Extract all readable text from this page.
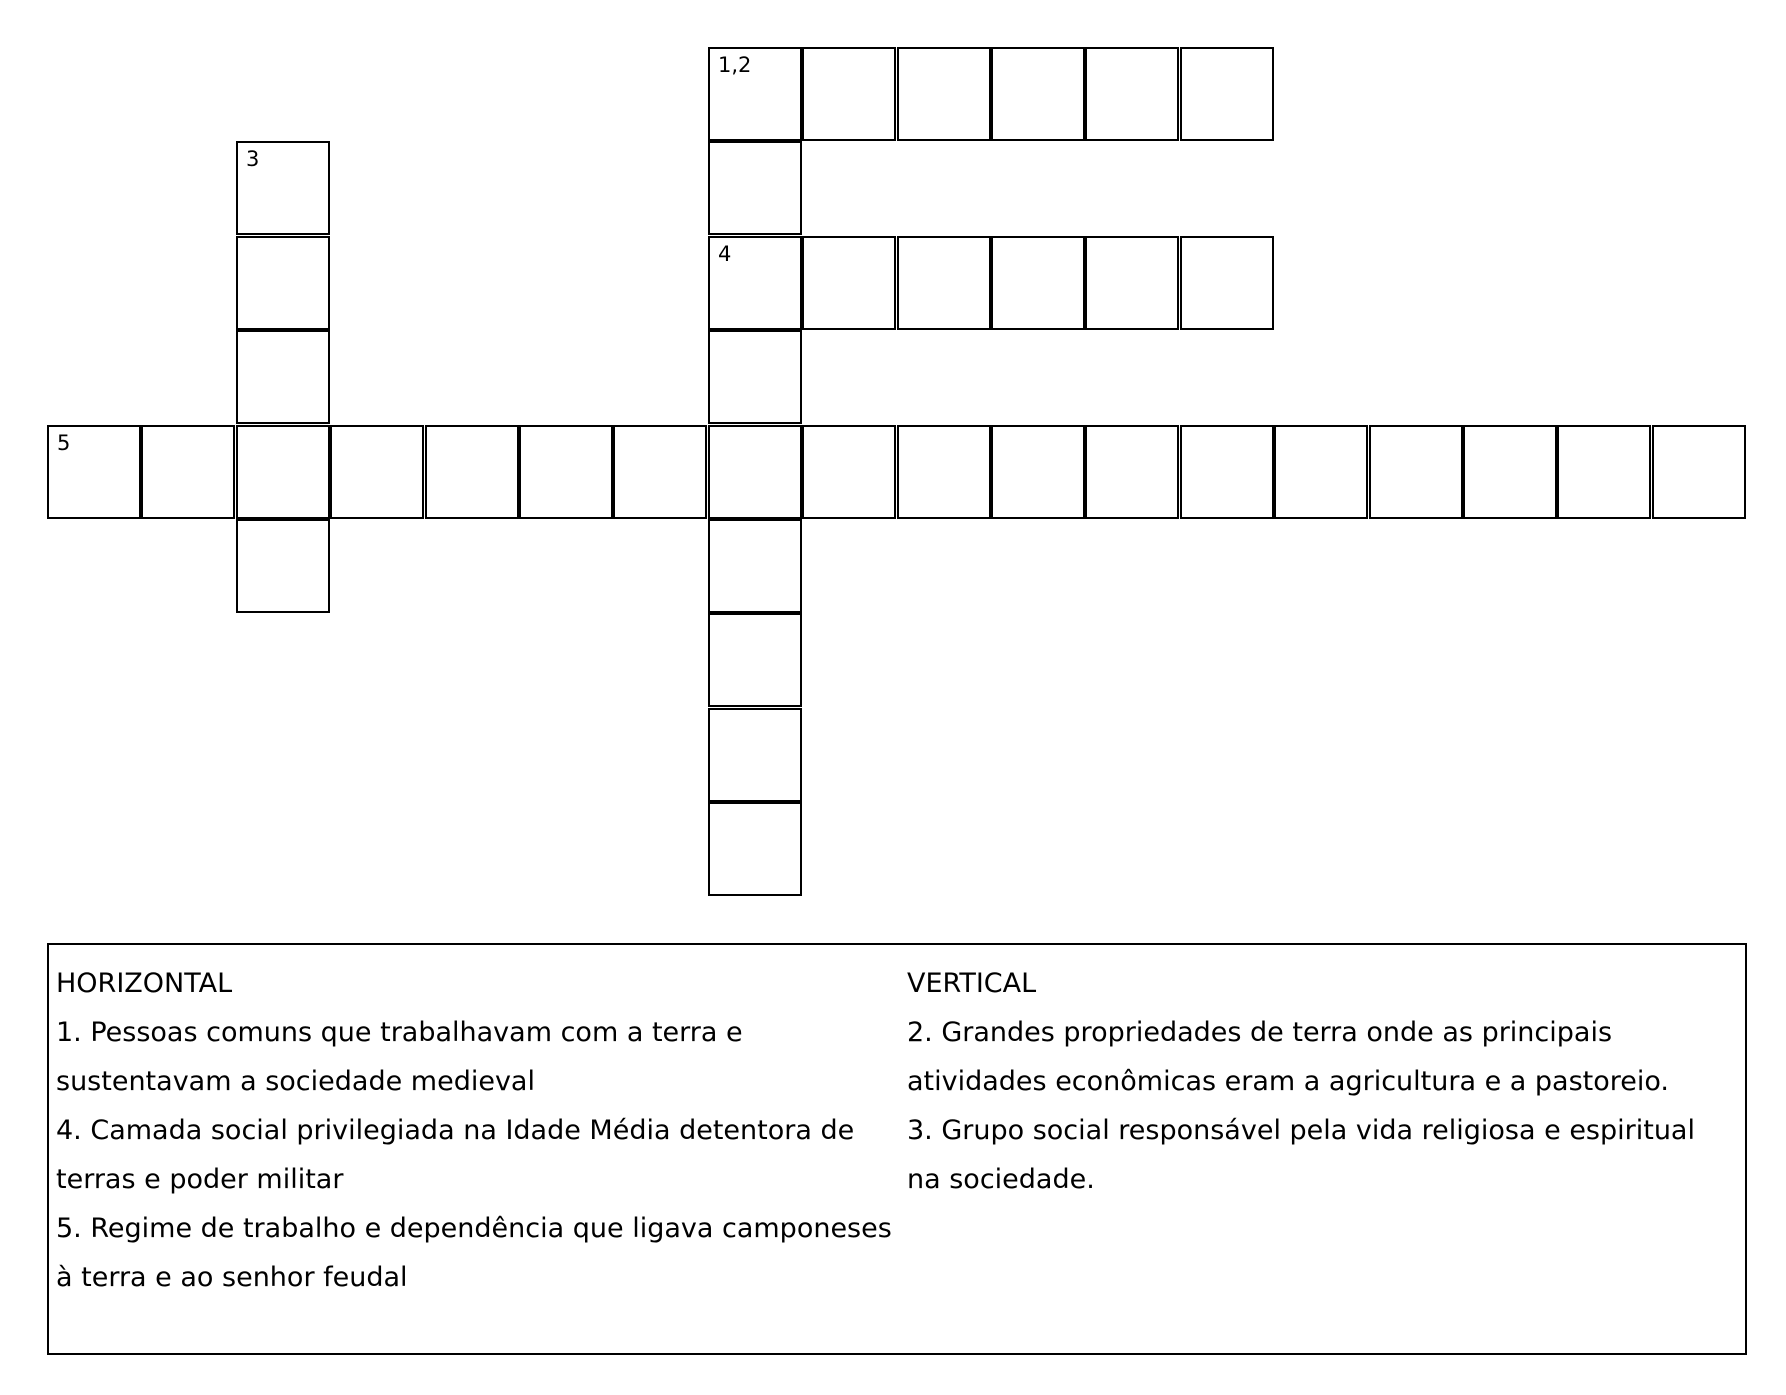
1,2
4
3
5
HORIZONTAL
1. Pessoas comuns que trabalhavam com a terra e sustentavam a sociedade medieval
4. Camada social privilegiada na Idade Média detentora de terras e poder militar
5. Regime de trabalho e dependência que ligava camponeses à terra e ao senhor feudal
VERTICAL
2. Grandes propriedades de terra onde as principais atividades econômicas eram a agricultura e a pastoreio.
3. Grupo social responsável pela vida religiosa e espiritual na sociedade.
